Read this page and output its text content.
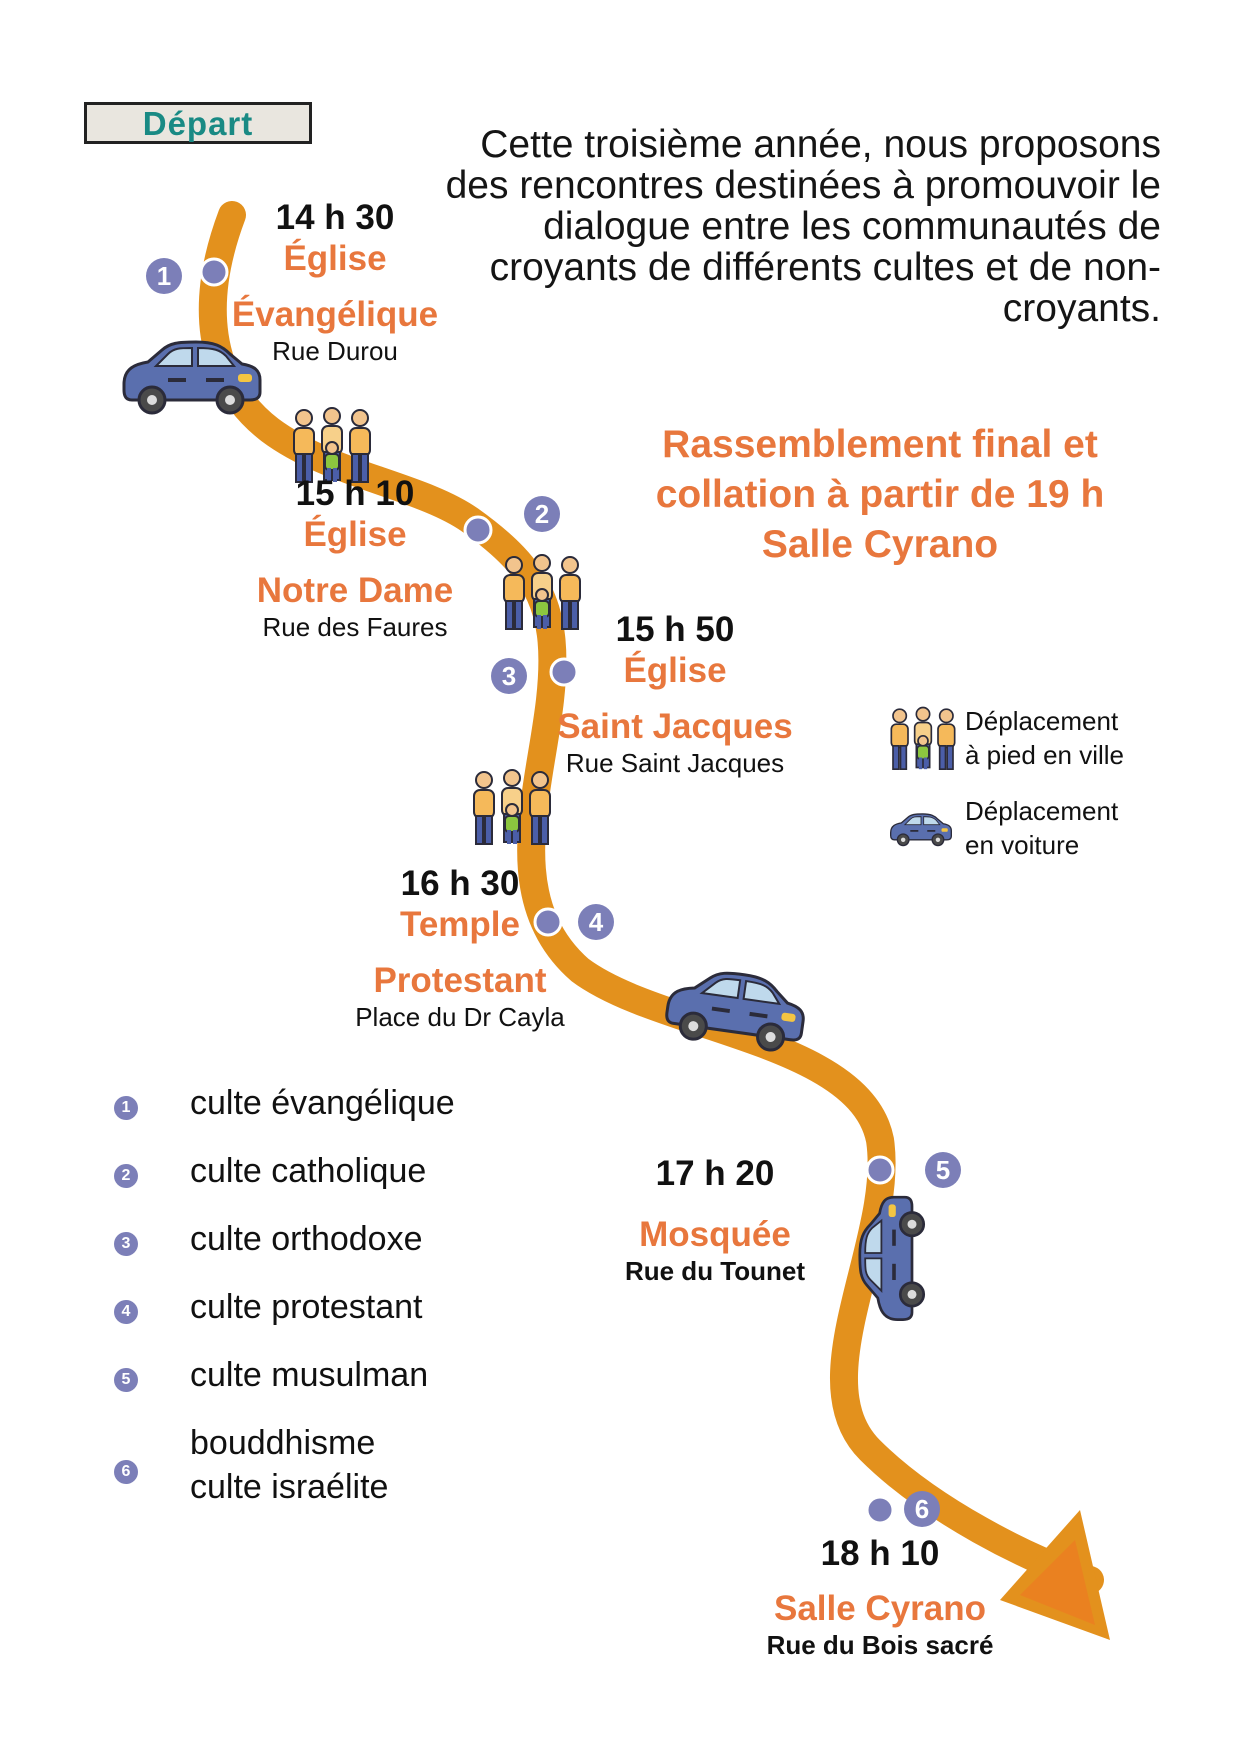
Départ	Cette troisième année, nous proposons des rencontres destinées à promouvoir le dialogue entre les communautés de croyants de différents cultes et de non-croyants.
Rassemblement final et
collation à partir de 19 h
Salle Cyrano
1
14 h 30
Église
Évangélique
Rue Durou
2
15 h 10
Église
Notre Dame
Rue des Faures
3
15 h 50
Église
Saint Jacques
Rue Saint Jacques
4
16 h 30
Temple
Protestant
Place du Dr Cayla
5
17 h 20
Mosquée
Rue du Tounet
6
18 h 10
Salle Cyrano
Rue du Bois sacré
Déplacement
à pied en ville
Déplacement
en voiture
1 culte évangélique
2 culte catholique
3 culte orthodoxe
4 culte protestant
5 culte musulman
6
bouddhisme
culte israélite
